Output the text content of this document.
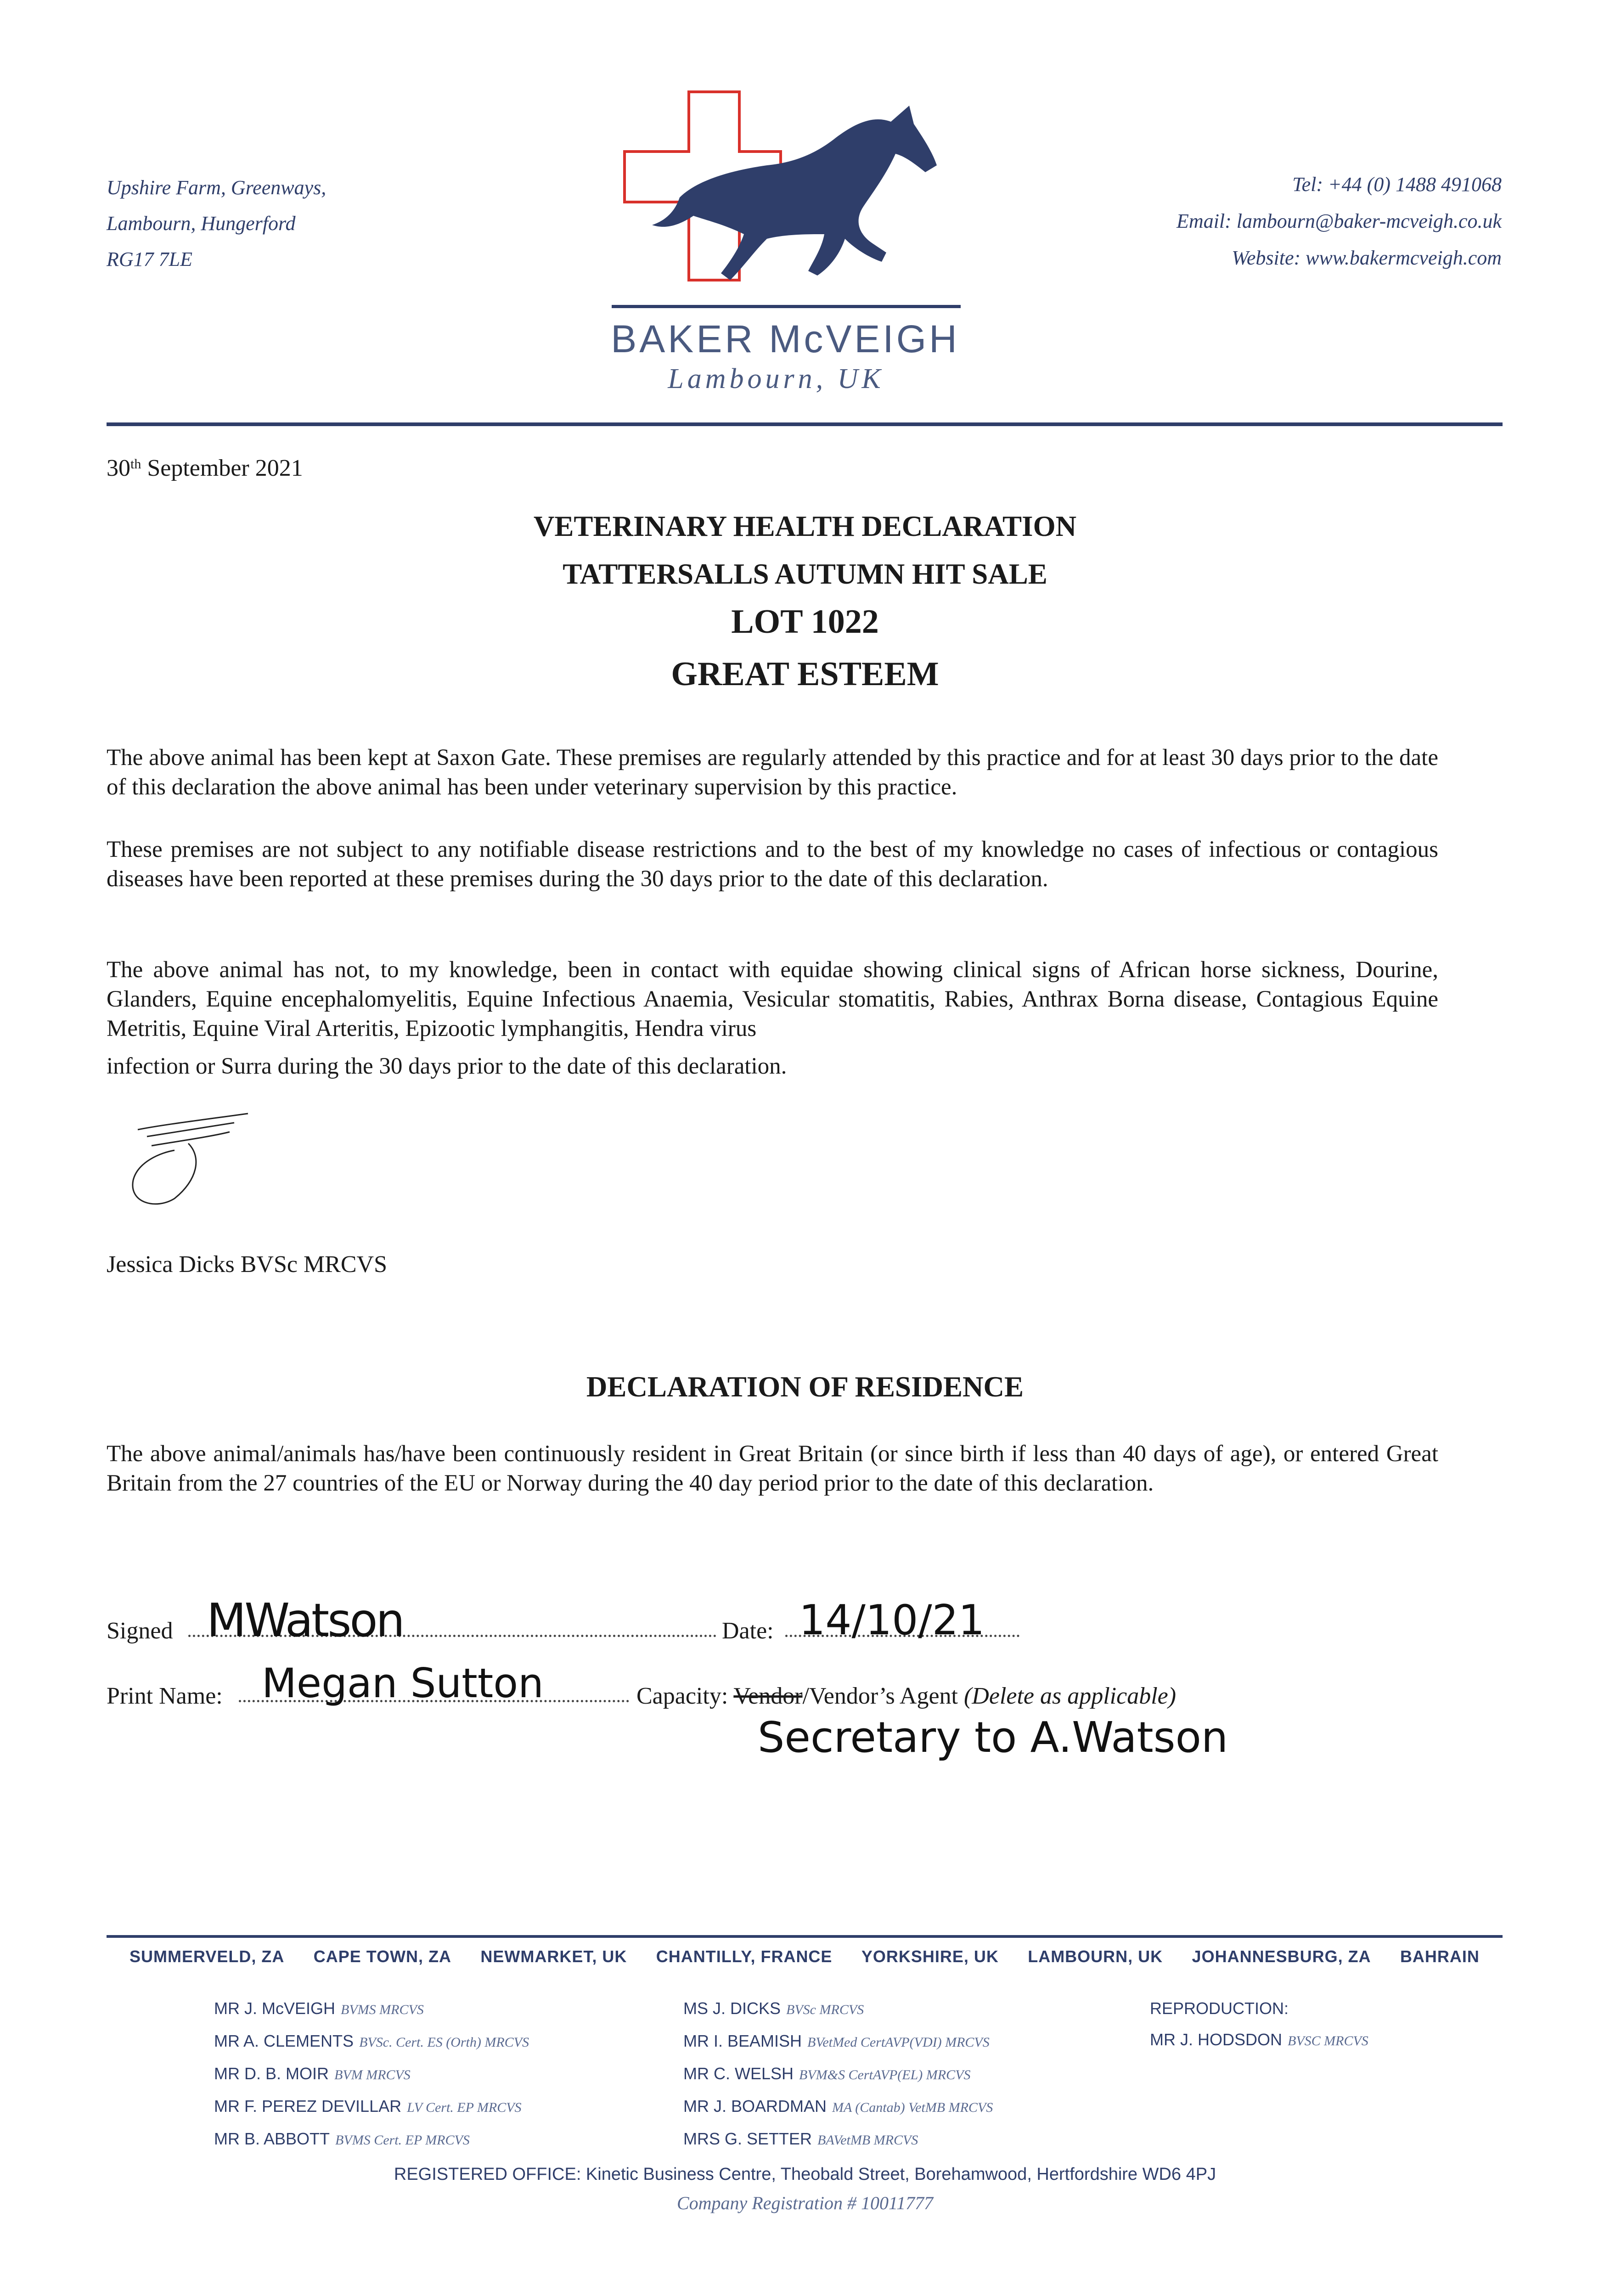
Upshire Farm, Greenways,
Lambourn, Hungerford
RG17 7LE
Tel: +44 (0) 1488 491068
Email: lambourn@baker-mcveigh.co.uk
Website: www.bakermcveigh.com
BAKER McVEIGH
Lambourn, UK
30th September 2021
VETERINARY HEALTH DECLARATION
TATTERSALLS AUTUMN HIT SALE
LOT 1022
GREAT ESTEEM
The above animal has been kept at Saxon Gate. These premises are regularly attended by this practice and for at least 30 days prior to the date of this declaration the above animal has been under veterinary supervision by this practice.
These premises are not subject to any notifiable disease restrictions and to the best of my knowledge no cases of infectious or contagious diseases have been reported at these premises during the 30 days prior to the date of this declaration.
The above animal has not, to my knowledge, been in contact with equidae showing clinical signs of African horse sickness, Dourine, Glanders, Equine encephalomyelitis, Equine Infectious Anaemia, Vesicular stomatitis, Rabies, Anthrax Borna disease, Contagious Equine Metritis, Equine Viral Arteritis, Epizootic lymphangitis, Hendra virus
infection or Surra during the 30 days prior to the date of this declaration.
Jessica Dicks BVSc MRCVS
DECLARATION OF RESIDENCE
The above animal/animals has/have been continuously resident in Great Britain (or since birth if less than 40 days of age), or entered Great Britain from the 27 countries of the EU or Norway during the 40 day period prior to the date of this declaration.
Signed MWatson	Date: 14/10/21
Print Name: Megan Sutton	Capacity: Vendor/Vendor’s Agent (Delete as applicable)
Secretary to A.Watson
SUMMERVELD, ZA CAPE TOWN, ZA NEWMARKET, UK CHANTILLY, FRANCE YORKSHIRE, UK LAMBOURN, UK JOHANNESBURG, ZA BAHRAIN
MR J. McVEIGH BVMS MRCVS
MR A. CLEMENTS BVSc. Cert. ES (Orth) MRCVS
MR D. B. MOIR BVM MRCVS
MR F. PEREZ DEVILLAR LV Cert. EP MRCVS
MR B. ABBOTT BVMS Cert. EP MRCVS
MS J. DICKS BVSc MRCVS
MR I. BEAMISH BVetMed CertAVP(VDI) MRCVS
MR C. WELSH BVM&S CertAVP(EL) MRCVS
MR J. BOARDMAN MA (Cantab) VetMB MRCVS
MRS G. SETTER BAVetMB MRCVS
REPRODUCTION:
MR J. HODSDON BVSC MRCVS
REGISTERED OFFICE: Kinetic Business Centre, Theobald Street, Borehamwood, Hertfordshire WD6 4PJ
Company Registration # 10011777
